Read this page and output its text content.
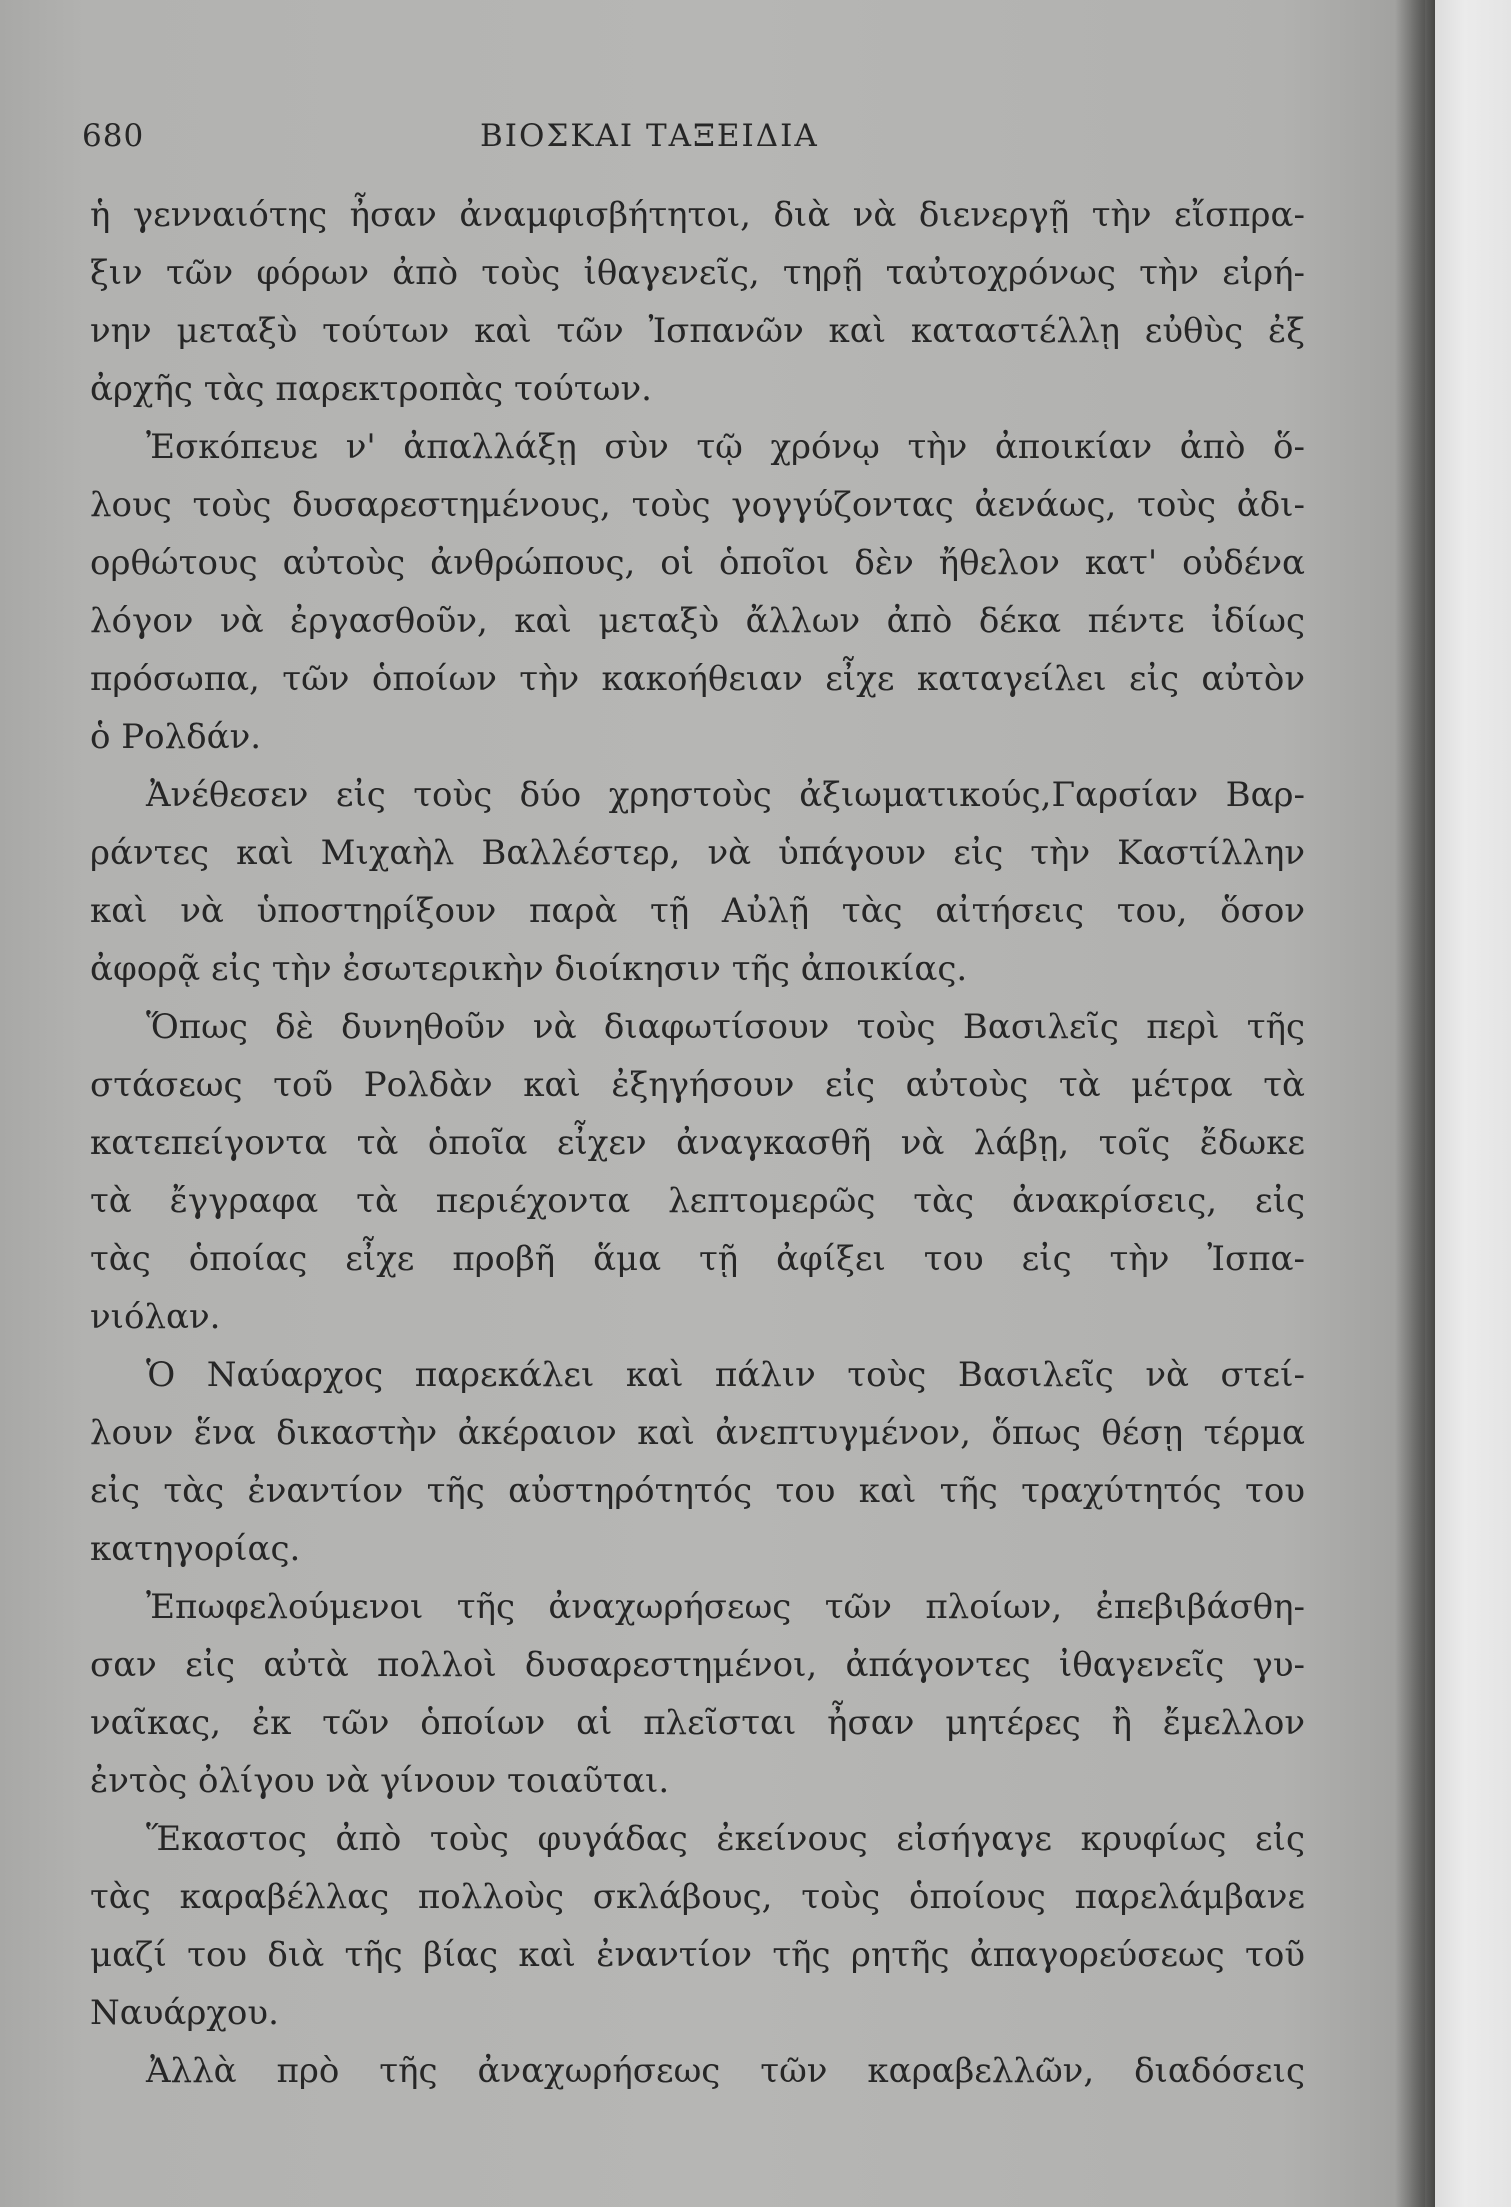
680	ΒΙΟΣΚΑΙ ΤΑΞΕΙΔΙΑ
ἡ γενναιότης ἦσαν ἀναμφισβήτητοι, διὰ νὰ διενεργῇ τὴν εἴσπρα-
ξιν τῶν φόρων ἀπὸ τοὺς ἰθαγενεῖς, τηρῇ ταὐτοχρόνως τὴν εἰρή-
νην μεταξὺ τούτων καὶ τῶν Ἰσπανῶν καὶ καταστέλλῃ εὐθὺς ἐξ
ἀρχῆς τὰς παρεκτροπὰς τούτων.
Ἐσκόπευε ν' ἀπαλλάξῃ σὺν τῷ χρόνῳ τὴν ἀποικίαν ἀπὸ ὅ-
λους τοὺς δυσαρεστημένους, τοὺς γογγύζοντας ἀενάως, τοὺς ἀδι-
ορθώτους αὐτοὺς ἀνθρώπους, οἱ ὁποῖοι δὲν ἤθελον κατ' οὐδένα
λόγον νὰ ἐργασθοῦν, καὶ μεταξὺ ἄλλων ἀπὸ δέκα πέντε ἰδίως
πρόσωπα, τῶν ὁποίων τὴν κακοήθειαν εἶχε καταγείλει εἰς αὐτὸν
ὁ Ρολδάν.
Ἀνέθεσεν εἰς τοὺς δύο χρηστοὺς ἀξιωματικούς,Γαρσίαν Βαρ-
ράντες καὶ Μιχαὴλ Βαλλέστερ, νὰ ὑπάγουν εἰς τὴν Καστίλλην
καὶ νὰ ὑποστηρίξουν παρὰ τῇ Αὐλῇ τὰς αἰτήσεις του, ὅσον
ἀφορᾷ εἰς τὴν ἐσωτερικὴν διοίκησιν τῆς ἀποικίας.
Ὅπως δὲ δυνηθοῦν νὰ διαφωτίσουν τοὺς Βασιλεῖς περὶ τῆς
στάσεως τοῦ Ρολδὰν καὶ ἐξηγήσουν εἰς αὐτοὺς τὰ μέτρα τὰ
κατεπείγοντα τὰ ὁποῖα εἶχεν ἀναγκασθῆ νὰ λάβῃ, τοῖς ἔδωκε
τὰ ἔγγραφα τὰ περιέχοντα λεπτομερῶς τὰς ἀνακρίσεις, εἰς
τὰς ὁποίας εἶχε προβῆ ἅμα τῇ ἀφίξει του εἰς τὴν Ἰσπα-
νιόλαν.
Ὁ Ναύαρχος παρεκάλει καὶ πάλιν τοὺς Βασιλεῖς νὰ στεί-
λουν ἕνα δικαστὴν ἀκέραιον καὶ ἀνεπτυγμένον, ὅπως θέσῃ τέρμα
εἰς τὰς ἐναντίον τῆς αὐστηρότητός του καὶ τῆς τραχύτητός του
κατηγορίας.
Ἐπωφελούμενοι τῆς ἀναχωρήσεως τῶν πλοίων, ἐπεβιβάσθη-
σαν εἰς αὐτὰ πολλοὶ δυσαρεστημένοι, ἀπάγοντες ἰθαγενεῖς γυ-
ναῖκας, ἐκ τῶν ὁποίων αἱ πλεῖσται ἦσαν μητέρες ἢ ἔμελλον
ἐντὸς ὀλίγου νὰ γίνουν τοιαῦται.
Ἕκαστος ἀπὸ τοὺς φυγάδας ἐκείνους εἰσήγαγε κρυφίως εἰς
τὰς καραβέλλας πολλοὺς σκλάβους, τοὺς ὁποίους παρελάμβανε
μαζί του διὰ τῆς βίας καὶ ἐναντίον τῆς ρητῆς ἀπαγορεύσεως τοῦ
Ναυάρχου.
Ἀλλὰ πρὸ τῆς ἀναχωρήσεως τῶν καραβελλῶν, διαδόσεις
